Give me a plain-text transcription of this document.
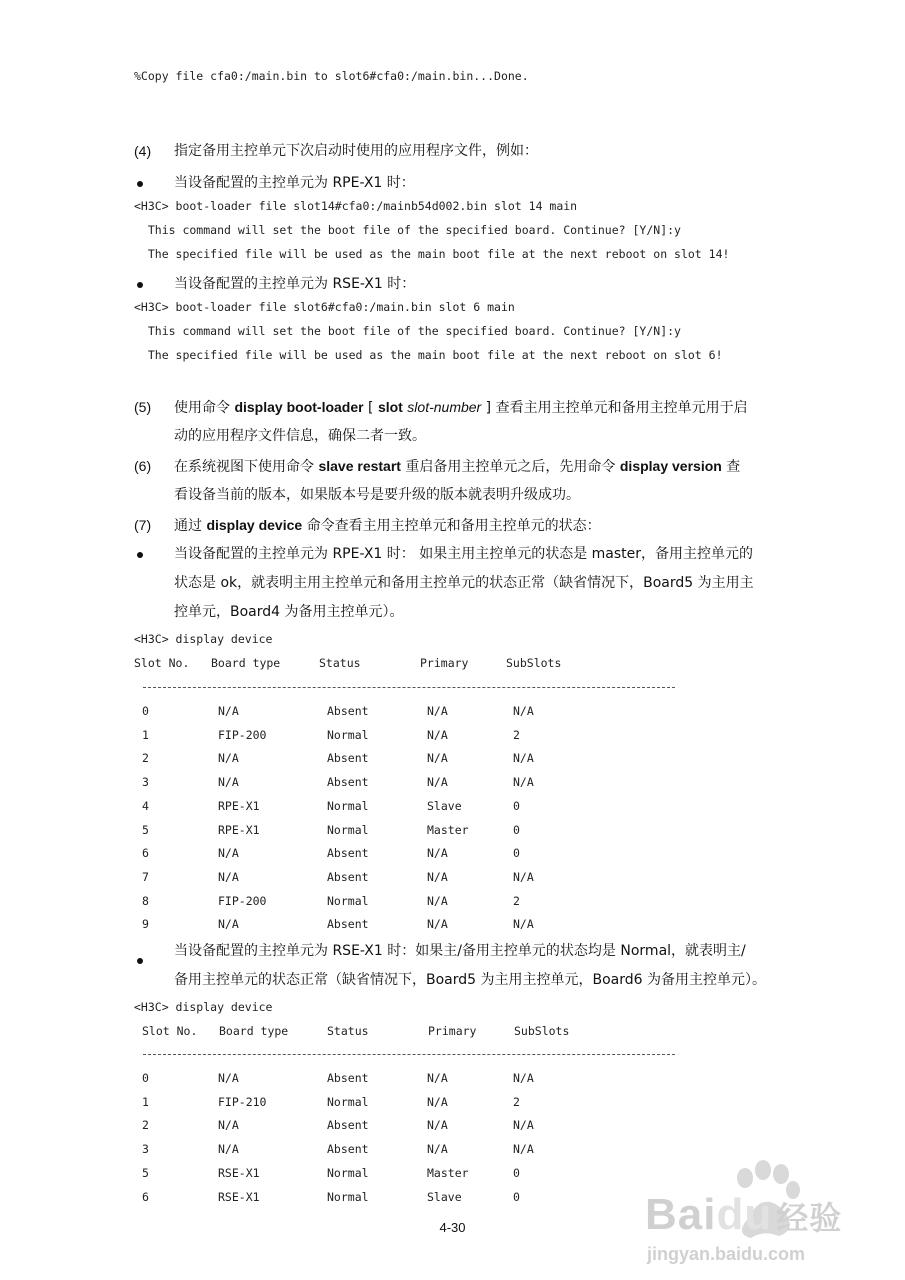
%Copy file cfa0:/main.bin to slot6#cfa0:/main.bin...Done.
(4) 指定备用主控单元下次启动时使用的应用程序文件，例如：
当设备配置的主控单元为 RPE-X1 时：
<H3C> boot-loader file slot14#cfa0:/mainb54d002.bin slot 14 main
This command will set the boot file of the specified board. Continue? [Y/N]:y
The specified file will be used as the main boot file at the next reboot on slot 14!
当设备配置的主控单元为 RSE-X1 时：
<H3C> boot-loader file slot6#cfa0:/main.bin slot 6 main
This command will set the boot file of the specified board. Continue? [Y/N]:y
The specified file will be used as the main boot file at the next reboot on slot 6!
(5) 使用命令 display boot-loader [ slot slot-number ] 查看主用主控单元和备用主控单元用于启
动的应用程序文件信息，确保二者一致。
(6) 在系统视图下使用命令 slave restart 重启备用主控单元之后，先用命令 display version 查
看设备当前的版本，如果版本号是要升级的版本就表明升级成功。
(7) 通过 display device 命令查看主用主控单元和备用主控单元的状态：
当设备配置的主控单元为 RPE-X1 时： 如果主用主控单元的状态是 master，备用主控单元的
状态是 ok，就表明主用主控单元和备用主控单元的状态正常（缺省情况下，Board5 为主用主
控单元，Board4 为备用主控单元）。
<H3C> display device
Slot No. Board type	Status	Primary	SubSlots
0	N/A	Absent	N/A	N/A
1	FIP-200	Normal	N/A	2
2	N/A	Absent	N/A	N/A
3	N/A	Absent	N/A	N/A
4	RPE-X1	Normal	Slave	0
5	RPE-X1	Normal	Master	0
6	N/A	Absent	N/A	0
7	N/A	Absent	N/A	N/A
8	FIP-200	Normal	N/A	2
9	N/A	Absent	N/A	N/A
当设备配置的主控单元为 RSE-X1 时：如果主/备用主控单元的状态均是 Normal，就表明主/
备用主控单元的状态正常（缺省情况下，Board5 为主用主控单元，Board6 为备用主控单元）。
<H3C> display device
Slot No. Board type	Status	Primary	SubSlots
0	N/A	Absent	N/A	N/A
1	FIP-210	Normal	N/A	2
2	N/A	Absent	N/A	N/A
3	N/A	Absent	N/A	N/A
5	RSE-X1	Normal	Master	0
6	RSE-X1	Normal	Slave	0
4-30	Baidu 经验
jingyan.baidu.com
